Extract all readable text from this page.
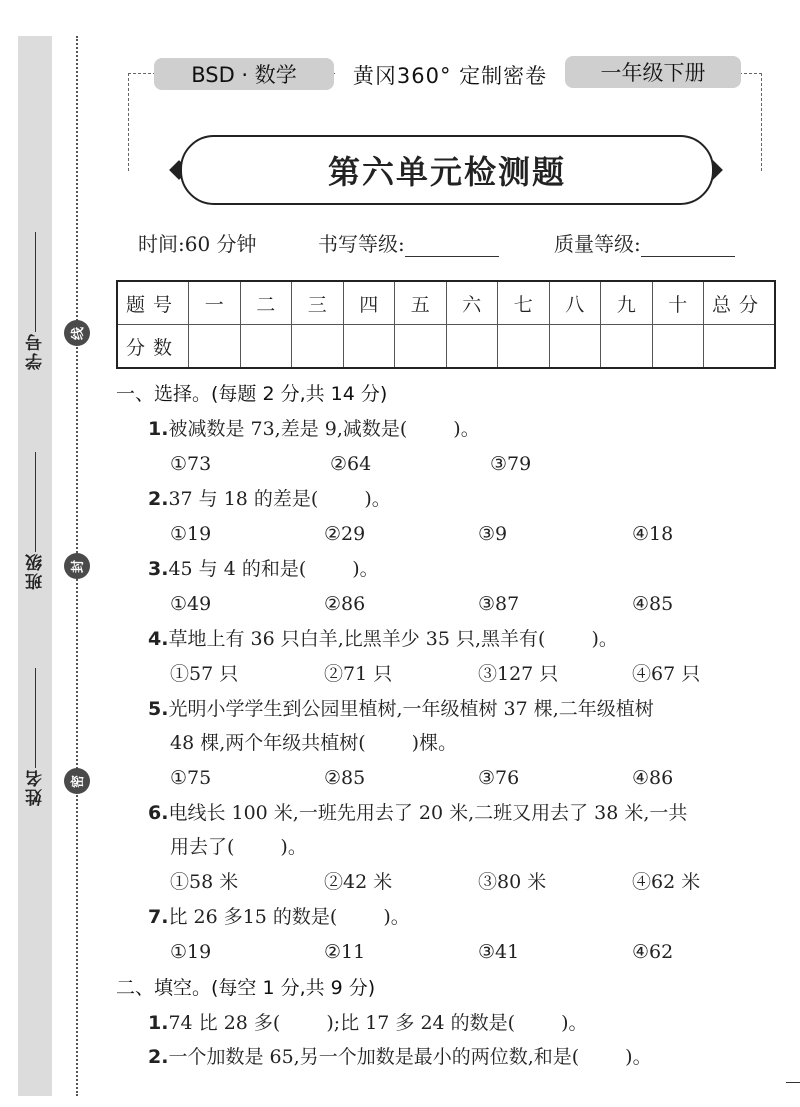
学号
班级
姓名
线
封
密
BSD · 数学	黄冈360° 定制密卷	一年级下册
第六单元检测题
时间:60 分钟	书写等级:	质量等级:
题号	一	二	三	四	五	六	七	八	九	十	总分
分数											
一、选择。(每题 2 分,共 14 分)
1.被减数是 73,差是 9,减数是( )。
①73	②64	③79
2.37 与 18 的差是( )。
①19	②29	③9	④18
3.45 与 4 的和是( )。
①49	②86	③87	④85
4.草地上有 36 只白羊,比黑羊少 35 只,黑羊有( )。
①57 只	②71 只	③127 只	④67 只
5.光明小学学生到公园里植树,一年级植树 37 棵,二年级植树
48 棵,两个年级共植树( )棵。
①75	②85	③76	④86
6.电线长 100 米,一班先用去了 20 米,二班又用去了 38 米,一共
用去了( )。
①58 米	②42 米	③80 米	④62 米
7.比 26 多15 的数是( )。
①19	②11	③41	④62
二、填空。(每空 1 分,共 9 分)
1.74 比 28 多( );比 17 多 24 的数是( )。
2.一个加数是 65,另一个加数是最小的两位数,和是( )。
